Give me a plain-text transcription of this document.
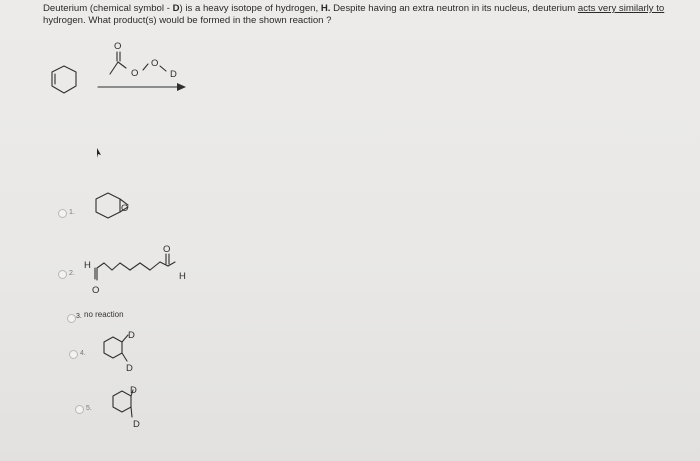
Deuterium (chemical symbol - D) is a heavy isotope of hydrogen, H. Despite having an extra neutron in its nucleus, deuterium acts very similarly to
hydrogen. What product(s) would be formed in the shown reaction ?
O
O
O
D
O
H
O
O
H
D
D
D
D
1.
2.
3. no reaction
4.
5.
